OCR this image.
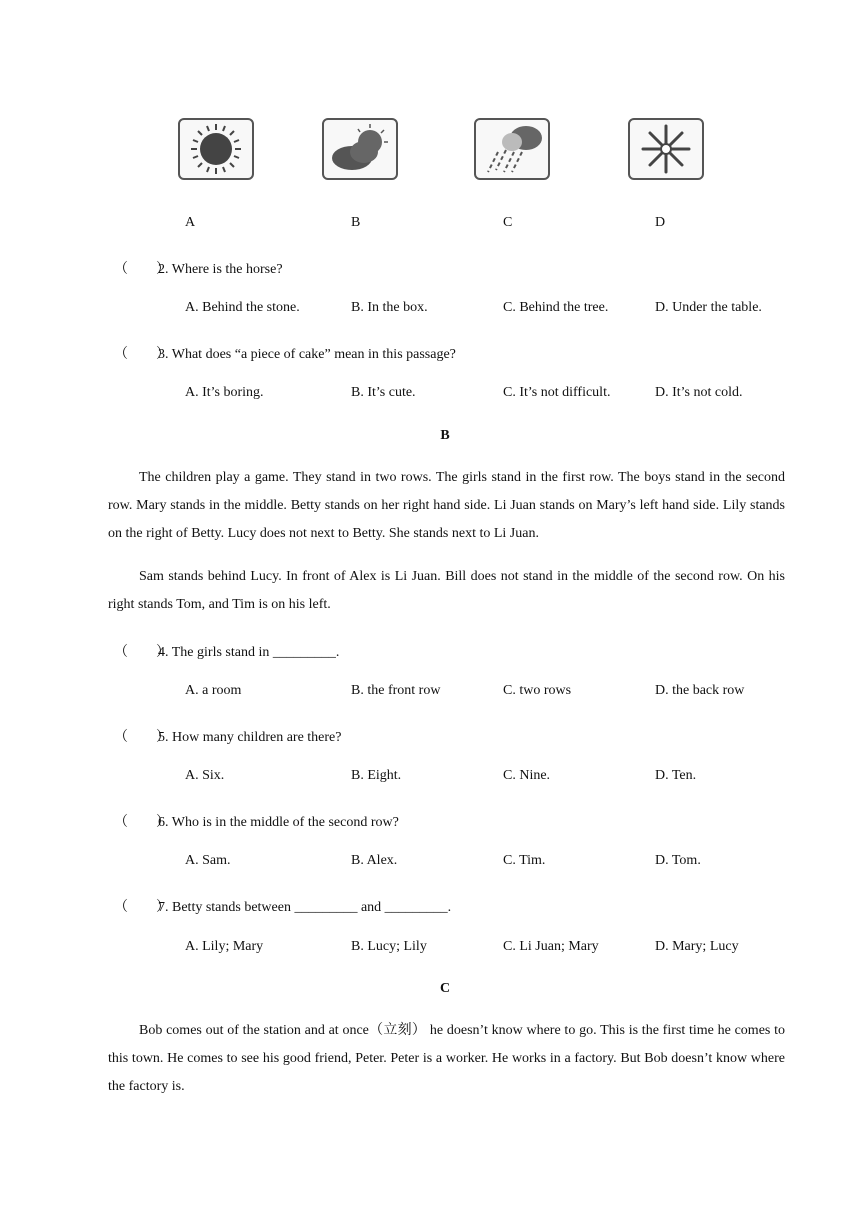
A	B	C	D
（　　）2. Where is the horse?
A. Behind the stone.	B. In the box.	C. Behind the tree.	D. Under the table.
（　　）3. What does “a piece of cake” mean in this passage?
A. It’s boring.	B. It’s cute.	C. It’s not difficult.	D. It’s not cold.
B
The children play a game. They stand in two rows. The girls stand in the first row. The boys stand in the second row. Mary stands in the middle. Betty stands on her right hand side. Li Juan stands on Mary’s left hand side. Lily stands on the right of Betty. Lucy does not next to Betty. She stands next to Li Juan.
Sam stands behind Lucy. In front of Alex is Li Juan. Bill does not stand in the middle of the second row. On his right stands Tom, and Tim is on his left.
（　　）4. The girls stand in _________.
A. a room	B. the front row	C. two rows	D. the back row
（　　）5. How many children are there?
A. Six.	B. Eight.	C. Nine.	D. Ten.
（　　）6. Who is in the middle of the second row?
A. Sam.	B. Alex.	C. Tim.	D. Tom.
（　　）7. Betty stands between _________ and _________.
A. Lily; Mary	B. Lucy; Lily	C. Li Juan; Mary	D. Mary; Lucy
C
Bob comes out of the station and at once（立刻） he doesn’t know where to go. This is the first time he comes to this town. He comes to see his good friend, Peter. Peter is a worker. He works in a factory. But Bob doesn’t know where the factory is.
